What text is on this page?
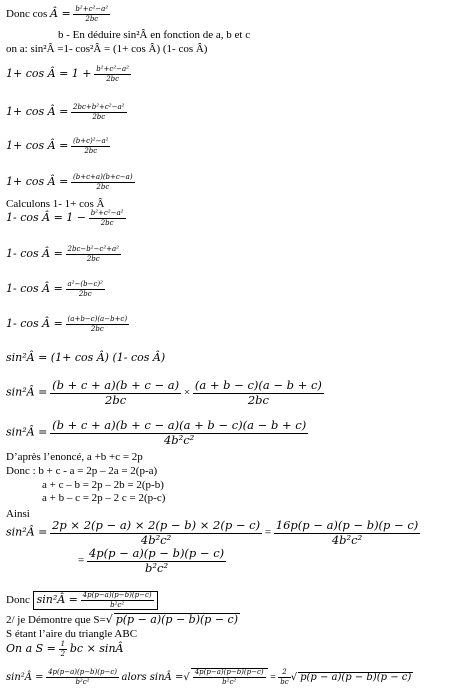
Donc cos Â = $\frac{\text{b²+c²−a²}}{2bc}$
b - En déduire sin²Â en fonction de a, b et c
on a: sin²Â =1- cos²Â = (1+ cos Â) (1- cos Â)
1+ cos Â = $1 + \frac{\text{b²+c²−a²}}{2bc}$
1+ cos Â = $\frac{\text{2bc+b²+c²−a²}}{2bc}$
1+ cos Â = $\frac{\text{(b+c)²−a²}}{2bc}$
1+ cos Â = $\frac{(b+c+a)(b+c-a)}{2bc}$
Calculons 1- 1+ cos Â
1- cos Â = $1 - \frac{\text{b²+c²−a²}}{2bc}$
1- cos Â = $\frac{\text{2bc−b²−c²+a²}}{2bc}$
1- cos Â = $\frac{\text{a²−(b−c)²}}{2bc}$
1- cos Â = $\frac{(a+b-c)(a-b+c)}{2bc}$
sin²Â = (1+ cos Â) (1- cos Â)
sin²Â = $\frac{(b + c + a)(b + c - a)}{2bc} \times \frac{(a + b - c)(a - b + c)}{2bc}$
sin²Â = $\frac{(b + c + a)(b + c - a)(a + b - c)(a - b + c)}{\text{4b²c²}}$
D’après l’enoncé, a +b +c = 2p
Donc : b + c - a = 2p – 2a = 2(p-a)
a + c – b = 2p – 2b = 2(p-b)
a + b – c = 2p – 2 c = 2(p-c)
Ainsi
sin²Â = $\frac{2p \times 2(p - a) \times 2(p - b) \times 2(p - c)}{\text{4b²c²}} = \frac{16p(p - a)(p - b)(p - c)}{\text{4b²c²}}$
= $\frac{4p(p - a)(p - b)(p - c)}{\text{b²c²}}$
Donc sin²Â = $\frac{4p(p-a)(p-b)(p-c)}{\text{b²c²}}$
2/ je Démontre que S=√ p(p − a)(p − b)(p − c)
S étant l’aire du triangle ABC
On a $S = \frac{1}{2}$ bc × sinÂ
sin²Â = $\frac{4p(p-a)(p-b)(p-c)}{\text{b²c²}}$ alors sinÂ =√ $\frac{4p(p-a)(p-b)(p-c)}{\text{b²c²}} = \frac{2}{bc}$ √ p(p − a)(p − b)(p − c)
